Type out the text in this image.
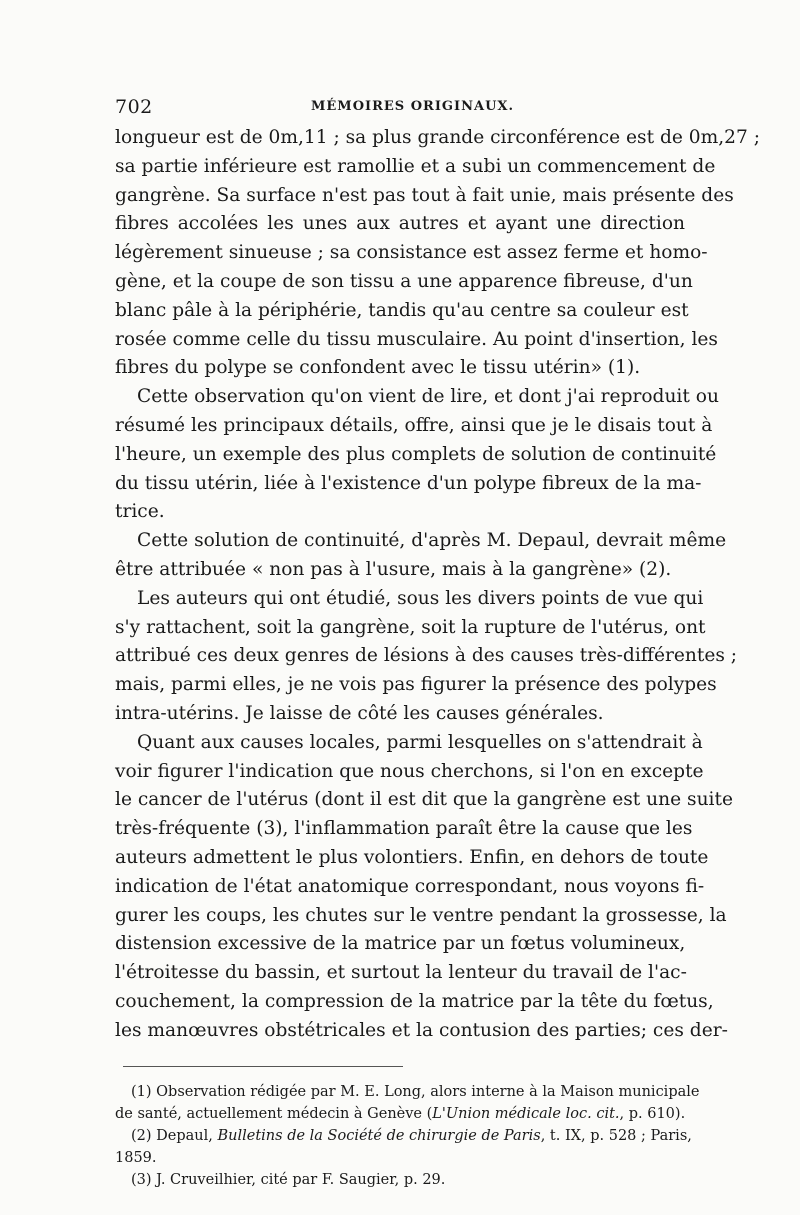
702	MÉMOIRES ORIGINAUX.
longueur est de 0m,11 ; sa plus grande circonférence est de 0m,27 ;
sa partie inférieure est ramollie et a subi un commencement de
gangrène. Sa surface n'est pas tout à fait unie, mais présente des
fibres accolées les unes aux autres et ayant une direction
légèrement sinueuse ; sa consistance est assez ferme et homo-
gène, et la coupe de son tissu a une apparence fibreuse, d'un
blanc pâle à la périphérie, tandis qu'au centre sa couleur est
rosée comme celle du tissu musculaire. Au point d'insertion, les
fibres du polype se confondent avec le tissu utérin» (1).
Cette observation qu'on vient de lire, et dont j'ai reproduit ou
résumé les principaux détails, offre, ainsi que je le disais tout à
l'heure, un exemple des plus complets de solution de continuité
du tissu utérin, liée à l'existence d'un polype fibreux de la ma-
trice.
Cette solution de continuité, d'après M. Depaul, devrait même
être attribuée « non pas à l'usure, mais à la gangrène» (2).
Les auteurs qui ont étudié, sous les divers points de vue qui
s'y rattachent, soit la gangrène, soit la rupture de l'utérus, ont
attribué ces deux genres de lésions à des causes très-différentes ;
mais, parmi elles, je ne vois pas figurer la présence des polypes
intra-utérins. Je laisse de côté les causes générales.
Quant aux causes locales, parmi lesquelles on s'attendrait à
voir figurer l'indication que nous cherchons, si l'on en excepte
le cancer de l'utérus (dont il est dit que la gangrène est une suite
très-fréquente (3), l'inflammation paraît être la cause que les
auteurs admettent le plus volontiers. Enfin, en dehors de toute
indication de l'état anatomique correspondant, nous voyons fi-
gurer les coups, les chutes sur le ventre pendant la grossesse, la
distension excessive de la matrice par un fœtus volumineux,
l'étroitesse du bassin, et surtout la lenteur du travail de l'ac-
couchement, la compression de la matrice par la tête du fœtus,
les manœuvres obstétricales et la contusion des parties; ces der-
(1) Observation rédigée par M. E. Long, alors interne à la Maison municipale
de santé, actuellement médecin à Genève (L'Union médicale loc. cit., p. 610).
(2) Depaul, Bulletins de la Société de chirurgie de Paris, t. IX, p. 528 ; Paris,
1859.
(3) J. Cruveilhier, cité par F. Saugier, p. 29.
